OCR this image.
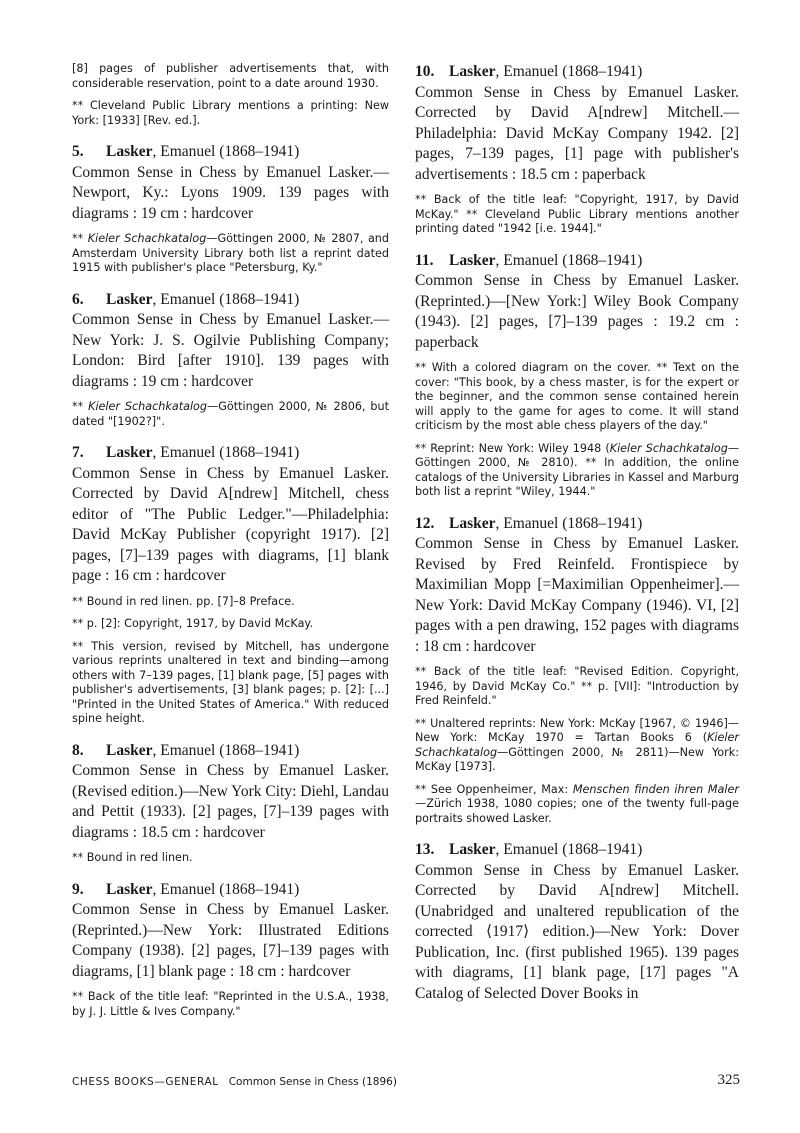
[8] pages of publisher advertisements that, with considerable reservation, point to a date around 1930.

** Cleveland Public Library mentions a printing: New York: [1933] [Rev. ed.].

5. Lasker, Emanuel (1868–1941)
Common Sense in Chess by Emanuel Lasker.—Newport, Ky.: Lyons 1909. 139 pages with diagrams : 19 cm : hardcover

** Kieler Schachkatalog—Göttingen 2000, № 2807, and Amsterdam University Library both list a reprint dated 1915 with publisher's place "Petersburg, Ky."

6. Lasker, Emanuel (1868–1941)
Common Sense in Chess by Emanuel Lasker.—New York: J. S. Ogilvie Publishing Company; London: Bird [after 1910]. 139 pages with diagrams : 19 cm : hardcover

** Kieler Schachkatalog—Göttingen 2000, № 2806, but dated "[1902?]".

7. Lasker, Emanuel (1868–1941)
Common Sense in Chess by Emanuel Lasker. Corrected by David A[ndrew] Mitchell, chess editor of "The Public Ledger."—Philadelphia: David McKay Publisher (copyright 1917). [2] pages, [7]–139 pages with diagrams, [1] blank page : 16 cm : hardcover

** Bound in red linen. pp. [7]–8 Preface.

** p. [2]: Copyright, 1917, by David McKay.

** This version, revised by Mitchell, has undergone various reprints unaltered in text and binding—among others with 7–139 pages, [1] blank page, [5] pages with publisher's advertisements, [3] blank pages; p. [2]: [...] "Printed in the United States of America." With reduced spine height.

8. Lasker, Emanuel (1868–1941)
Common Sense in Chess by Emanuel Lasker. (Revised edition.)—New York City: Diehl, Landau and Pettit (1933). [2] pages, [7]–139 pages with diagrams : 18.5 cm : hardcover

** Bound in red linen.

9. Lasker, Emanuel (1868–1941)
Common Sense in Chess by Emanuel Lasker. (Reprinted.)—New York: Illustrated Editions Company (1938). [2] pages, [7]–139 pages with diagrams, [1] blank page : 18 cm : hardcover

** Back of the title leaf: "Reprinted in the U.S.A., 1938, by J. J. Little & Ives Company."

10. Lasker, Emanuel (1868–1941)
Common Sense in Chess by Emanuel Lasker. Corrected by David A[ndrew] Mitchell.—Philadelphia: David McKay Company 1942. [2] pages, 7–139 pages, [1] page with publisher's advertisements : 18.5 cm : paperback

** Back of the title leaf: "Copyright, 1917, by David McKay." ** Cleveland Public Library mentions another printing dated "1942 [i.e. 1944]."

11. Lasker, Emanuel (1868–1941)
Common Sense in Chess by Emanuel Lasker. (Reprinted.)—[New York:] Wiley Book Company (1943). [2] pages, [7]–139 pages : 19.2 cm : paperback

** With a colored diagram on the cover. ** Text on the cover: "This book, by a chess master, is for the expert or the beginner, and the common sense contained herein will apply to the game for ages to come. It will stand criticism by the most able chess players of the day."

** Reprint: New York: Wiley 1948 (Kieler Schachkatalog—Göttingen 2000, № 2810). ** In addition, the online catalogs of the University Libraries in Kassel and Marburg both list a reprint "Wiley, 1944."

12. Lasker, Emanuel (1868–1941)
Common Sense in Chess by Emanuel Lasker. Revised by Fred Reinfeld. Frontispiece by Maximilian Mopp [=Maximilian Oppenheimer].—New York: David McKay Company (1946). VI, [2] pages with a pen drawing, 152 pages with diagrams : 18 cm : hardcover

** Back of the title leaf: "Revised Edition. Copyright, 1946, by David McKay Co." ** p. [VII]: "Introduction by Fred Reinfeld."

** Unaltered reprints: New York: McKay [1967, © 1946]—New York: McKay 1970 = Tartan Books 6 (Kieler Schachkatalog—Göttingen 2000, № 2811)—New York: McKay [1973].

** See Oppenheimer, Max: Menschen finden ihren Maler—Zürich 1938, 1080 copies; one of the twenty full-page portraits showed Lasker.

13. Lasker, Emanuel (1868–1941)
Common Sense in Chess by Emanuel Lasker. Corrected by David A[ndrew] Mitchell. (Unabridged and unaltered republication of the corrected ⟨1917⟩ edition.)—New York: Dover Publication, Inc. (first published 1965). 139 pages with diagrams, [1] blank page, [17] pages "A Catalog of Selected Dover Books in

CHESS BOOKS—GENERAL Common Sense in Chess (1896)	325
